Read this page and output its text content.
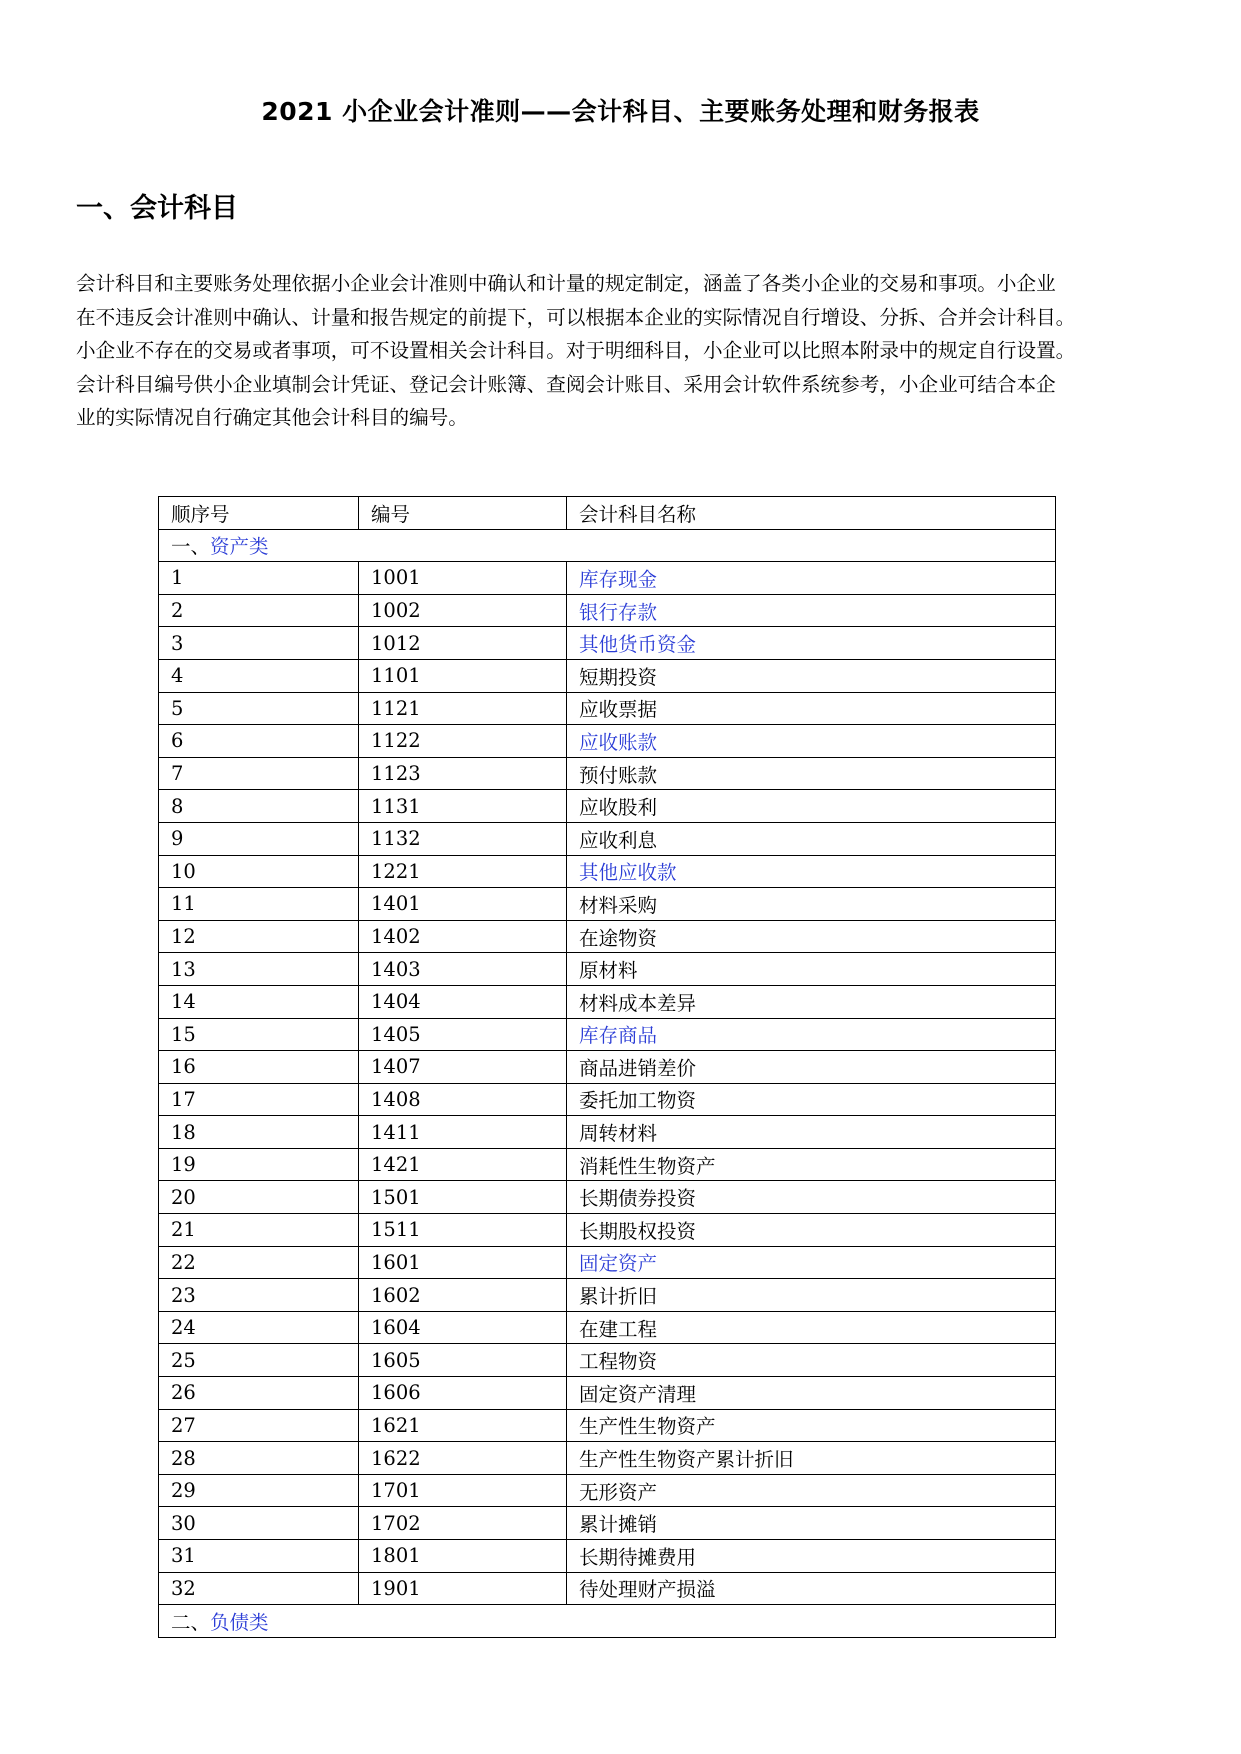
2021 小企业会计准则——会计科目、主要账务处理和财务报表
一、会计科目
会计科目和主要账务处理依据小企业会计准则中确认和计量的规定制定，涵盖了各类小企业的交易和事项。小企业
在不违反会计准则中确认、计量和报告规定的前提下，可以根据本企业的实际情况自行增设、分拆、合并会计科目。
小企业不存在的交易或者事项，可不设置相关会计科目。对于明细科目，小企业可以比照本附录中的规定自行设置。
会计科目编号供小企业填制会计凭证、登记会计账簿、查阅会计账目、采用会计软件系统参考，小企业可结合本企
业的实际情况自行确定其他会计科目的编号。
顺序号	编号	会计科目名称
一、资产类		
1	1001	库存现金
2	1002	银行存款
3	1012	其他货币资金
4	1101	短期投资
5	1121	应收票据
6	1122	应收账款
7	1123	预付账款
8	1131	应收股利
9	1132	应收利息
10	1221	其他应收款
11	1401	材料采购
12	1402	在途物资
13	1403	原材料
14	1404	材料成本差异
15	1405	库存商品
16	1407	商品进销差价
17	1408	委托加工物资
18	1411	周转材料
19	1421	消耗性生物资产
20	1501	长期债券投资
21	1511	长期股权投资
22	1601	固定资产
23	1602	累计折旧
24	1604	在建工程
25	1605	工程物资
26	1606	固定资产清理
27	1621	生产性生物资产
28	1622	生产性生物资产累计折旧
29	1701	无形资产
30	1702	累计摊销
31	1801	长期待摊费用
32	1901	待处理财产损溢
二、负债类		
